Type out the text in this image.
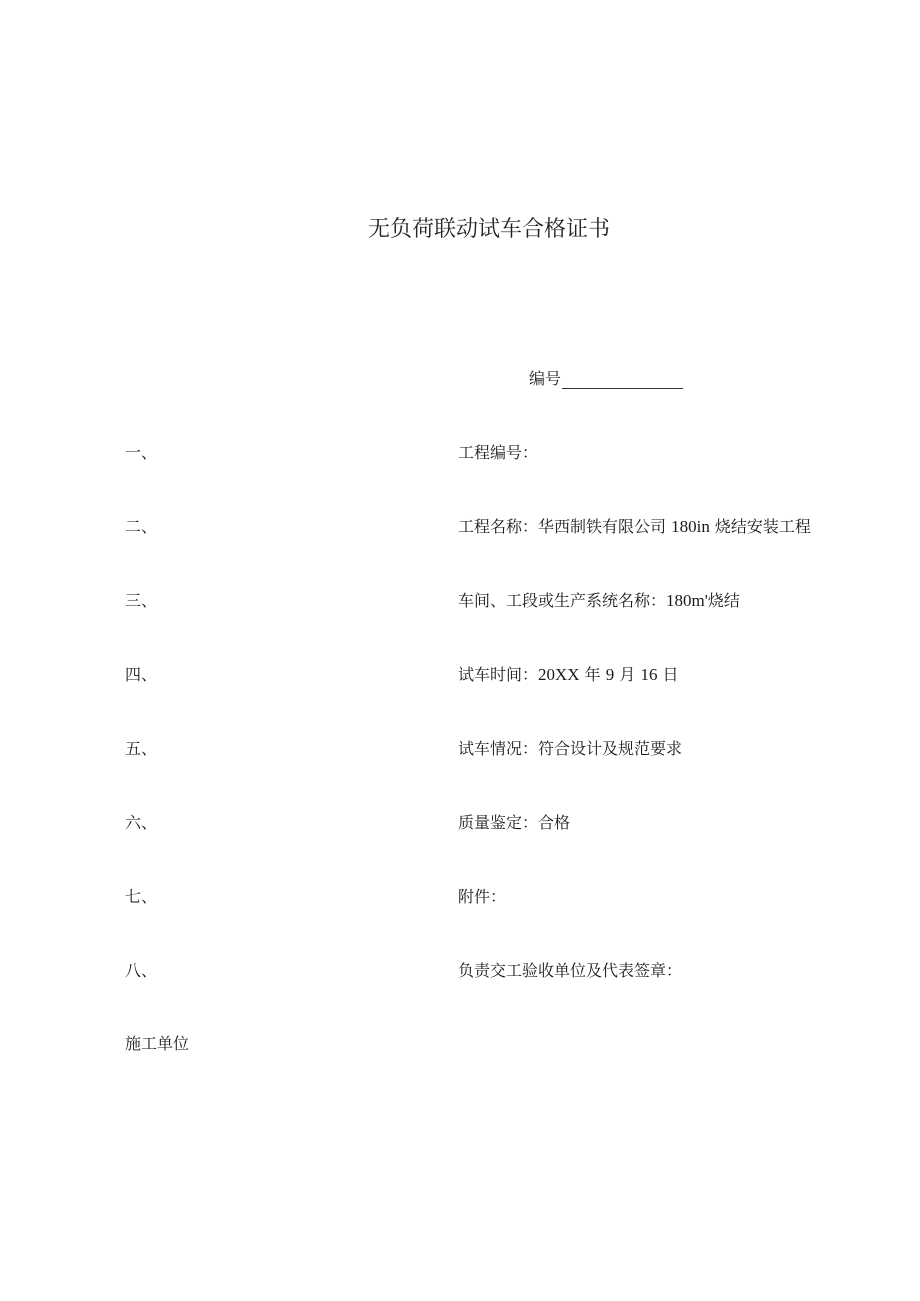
无负荷联动试车合格证书
编号
一、	工程编号：
二、	工程名称：华西制铁有限公司 180in 烧结安装工程
三、	车间、工段或生产系统名称：180m'烧结
四、	试车时间：20XX 年 9 月 16 日
五、	试车情况：符合设计及规范要求
六、	质量鉴定：合格
七、	附件：
八、	负责交工验收单位及代表签章：
施工单位
